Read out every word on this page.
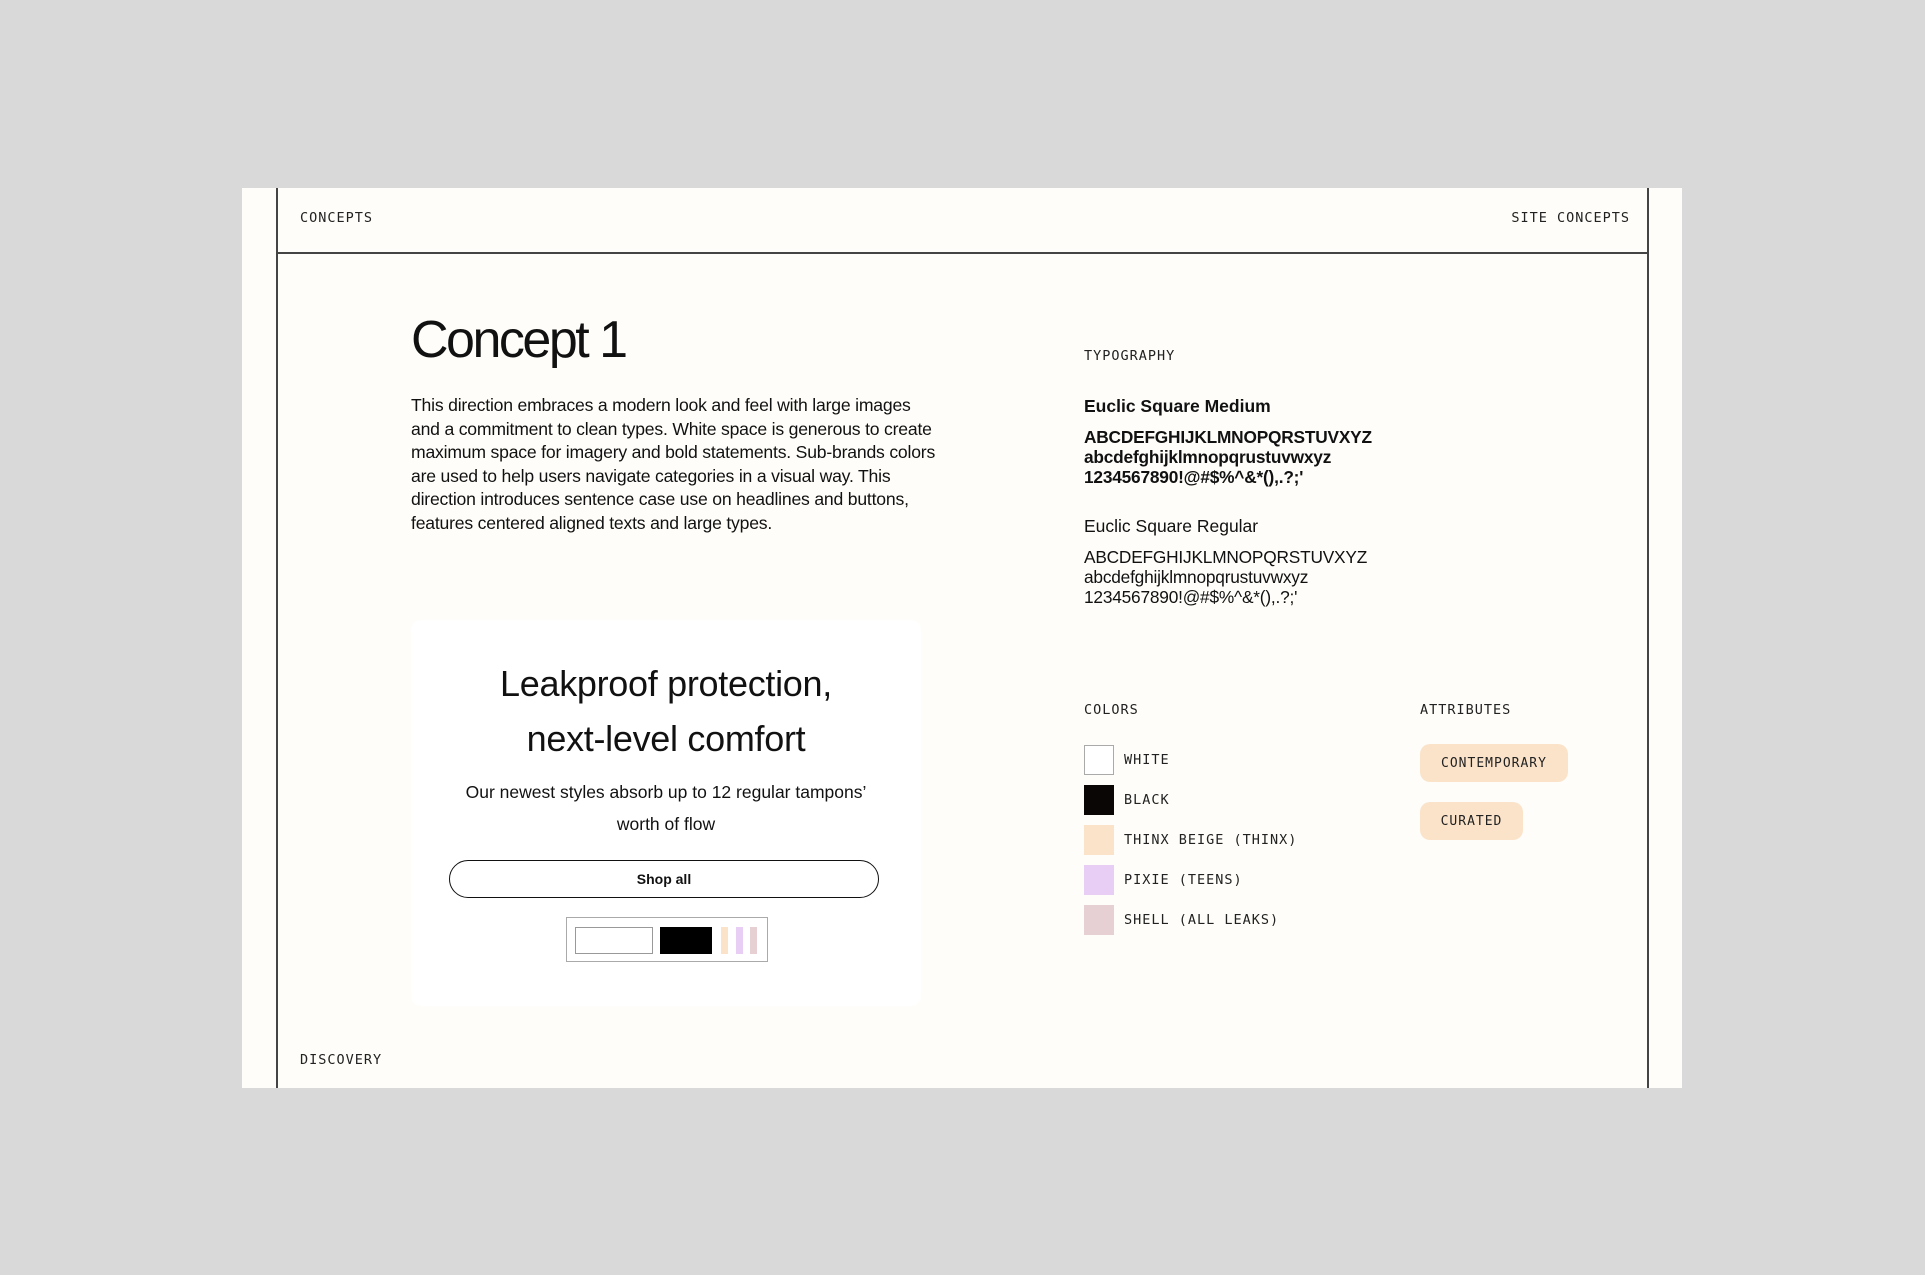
CONCEPTS	SITE CONCEPTS
Concept 1

This direction embraces a modern look and feel with large images and a commitment to clean types. White space is generous to create maximum space for imagery and bold statements. Sub-brands colors are used to help users navigate categories in a visual way. This direction introduces sentence case use on headlines and buttons, features centered aligned texts and large types.

Leakproof protection,
next-level comfort

Our newest styles absorb up to 12 regular tampons’
worth of flow

Shop all
TYPOGRAPHY

Euclic Square Medium

ABCDEFGHIJKLMNOPQRSTUVXYZ
abcdefghijklmnopqrustuvwxyz
1234567890!@#$%^&*(),.?;'

Euclic Square Regular

ABCDEFGHIJKLMNOPQRSTUVXYZ
abcdefghijklmnopqrustuvwxyz
1234567890!@#$%^&*(),.?;'

COLORS
WHITE
BLACK
THINX BEIGE (THINX)
PIXIE (TEENS)
SHELL (ALL LEAKS)
ATTRIBUTES
CONTEMPORARY
CURATED
DISCOVERY
